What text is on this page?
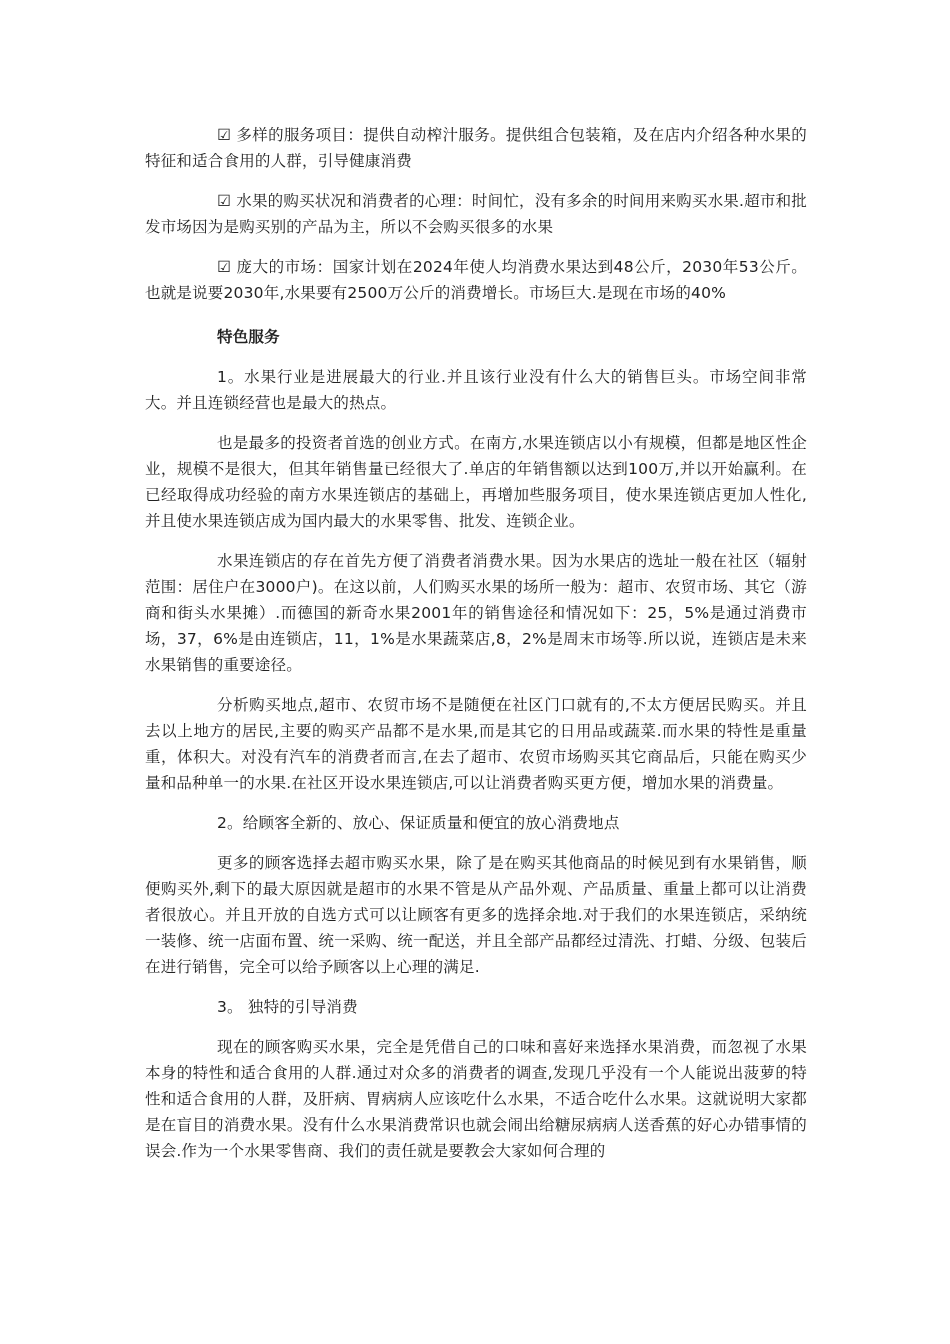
☑ 多样的服务项目：提供自动榨汁服务。提供组合包装箱，及在店内介绍各种水果的特征和适合食用的人群，引导健康消费

☑ 水果的购买状况和消费者的心理：时间忙，没有多余的时间用来购买水果.超市和批发市场因为是购买别的产品为主，所以不会购买很多的水果

☑ 庞大的市场：国家计划在2024年使人均消费水果达到48公斤，2030年53公斤。也就是说要2030年,水果要有2500万公斤的消费增长。市场巨大.是现在市场的40%

特色服务

1。水果行业是进展最大的行业.并且该行业没有什么大的销售巨头。市场空间非常大。并且连锁经营也是最大的热点。

也是最多的投资者首选的创业方式。在南方,水果连锁店以小有规模，但都是地区性企业，规模不是很大，但其年销售量已经很大了.单店的年销售额以达到100万,并以开始赢利。在已经取得成功经验的南方水果连锁店的基础上，再增加些服务项目，使水果连锁店更加人性化,并且使水果连锁店成为国内最大的水果零售、批发、连锁企业。

水果连锁店的存在首先方便了消费者消费水果。因为水果店的选址一般在社区（辐射范围：居住户在3000户)。在这以前，人们购买水果的场所一般为：超市、农贸市场、其它（游商和街头水果摊）.而德国的新奇水果2001年的销售途径和情况如下：25，5%是通过消费市场，37，6%是由连锁店，11，1%是水果蔬菜店,8，2%是周末市场等.所以说，连锁店是未来水果销售的重要途径。

分析购买地点,超市、农贸市场不是随便在社区门口就有的,不太方便居民购买。并且去以上地方的居民,主要的购买产品都不是水果,而是其它的日用品或蔬菜.而水果的特性是重量重，体积大。对没有汽车的消费者而言,在去了超市、农贸市场购买其它商品后，只能在购买少量和品种单一的水果.在社区开设水果连锁店,可以让消费者购买更方便，增加水果的消费量。

2。给顾客全新的、放心、保证质量和便宜的放心消费地点

更多的顾客选择去超市购买水果，除了是在购买其他商品的时候见到有水果销售，顺便购买外,剩下的最大原因就是超市的水果不管是从产品外观、产品质量、重量上都可以让消费者很放心。并且开放的自选方式可以让顾客有更多的选择余地.对于我们的水果连锁店，采纳统一装修、统一店面布置、统一采购、统一配送，并且全部产品都经过清洗、打蜡、分级、包装后在进行销售，完全可以给予顾客以上心理的满足.

3。 独特的引导消费

现在的顾客购买水果，完全是凭借自己的口味和喜好来选择水果消费，而忽视了水果本身的特性和适合食用的人群.通过对众多的消费者的调查,发现几乎没有一个人能说出菠萝的特性和适合食用的人群，及肝病、胃病病人应该吃什么水果，不适合吃什么水果。这就说明大家都是在盲目的消费水果。没有什么水果消费常识也就会闹出给糖尿病病人送香蕉的好心办错事情的误会.作为一个水果零售商、我们的责任就是要教会大家如何合理的
